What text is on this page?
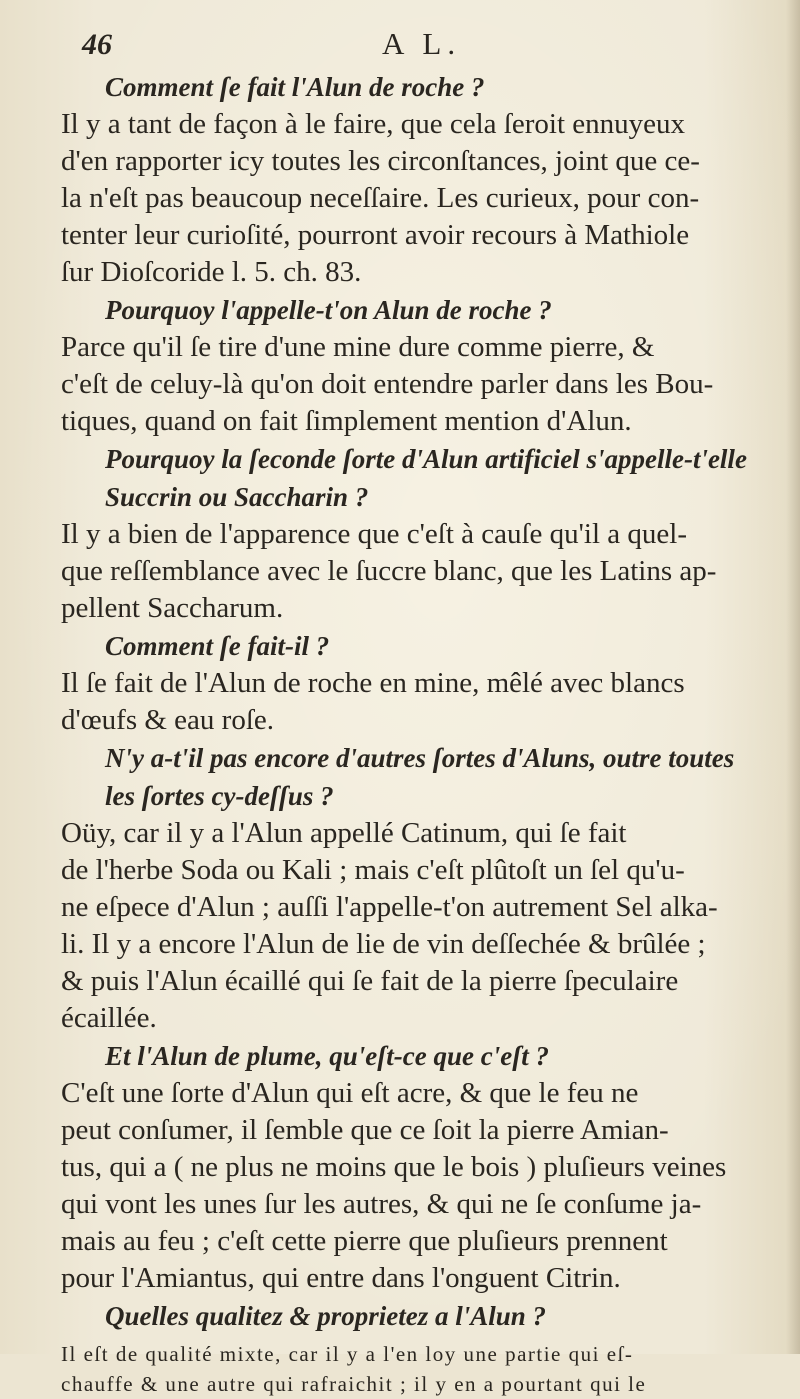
46	A L.

Comment ſe fait l'Alun de roche ?

Il y a tant de façon à le faire, que cela ſeroit ennuyeux
d'en rapporter icy toutes les circonſtances, joint que ce-
la n'eſt pas beaucoup neceſſaire. Les curieux, pour con-
tenter leur curioſité, pourront avoir recours à Mathiole
ſur Dioſcoride l. 5. ch. 83.

Pourquoy l'appelle-t'on Alun de roche ?

Parce qu'il ſe tire d'une mine dure comme pierre, &
c'eſt de celuy-là qu'on doit entendre parler dans les Bou-
tiques, quand on fait ſimplement mention d'Alun.

Pourquoy la ſeconde ſorte d'Alun artificiel s'appelle-t'elle
Succrin ou Saccharin ?

Il y a bien de l'apparence que c'eſt à cauſe qu'il a quel-
que reſſemblance avec le ſuccre blanc, que les Latins ap-
pellent Saccharum.

Comment ſe fait-il ?

Il ſe fait de l'Alun de roche en mine, mêlé avec blancs
d'œufs & eau roſe.

N'y a-t'il pas encore d'autres ſortes d'Aluns, outre toutes
les ſortes cy-deſſus ?

Oüy, car il y a l'Alun appellé Catinum, qui ſe fait
de l'herbe Soda ou Kali ; mais c'eſt plûtoſt un ſel qu'u-
ne eſpece d'Alun ; auſſi l'appelle-t'on autrement Sel alka-
li. Il y a encore l'Alun de lie de vin deſſechée & brûlée ;
& puis l'Alun écaillé qui ſe fait de la pierre ſpeculaire
écaillée.

Et l'Alun de plume, qu'eſt-ce que c'eſt ?

C'eſt une ſorte d'Alun qui eſt acre, & que le feu ne
peut conſumer, il ſemble que ce ſoit la pierre Amian-
tus, qui a ( ne plus ne moins que le bois ) pluſieurs veines
qui vont les unes ſur les autres, & qui ne ſe conſume ja-
mais au feu ; c'eſt cette pierre que pluſieurs prennent
pour l'Amiantus, qui entre dans l'onguent Citrin.

Quelles qualitez & proprietez a l'Alun ?

Il eſt de qualité mixte, car il y a l'en loy une partie qui eſ-
chauffe & une autre qui rafraichit ; il y en a pourtant qui le
